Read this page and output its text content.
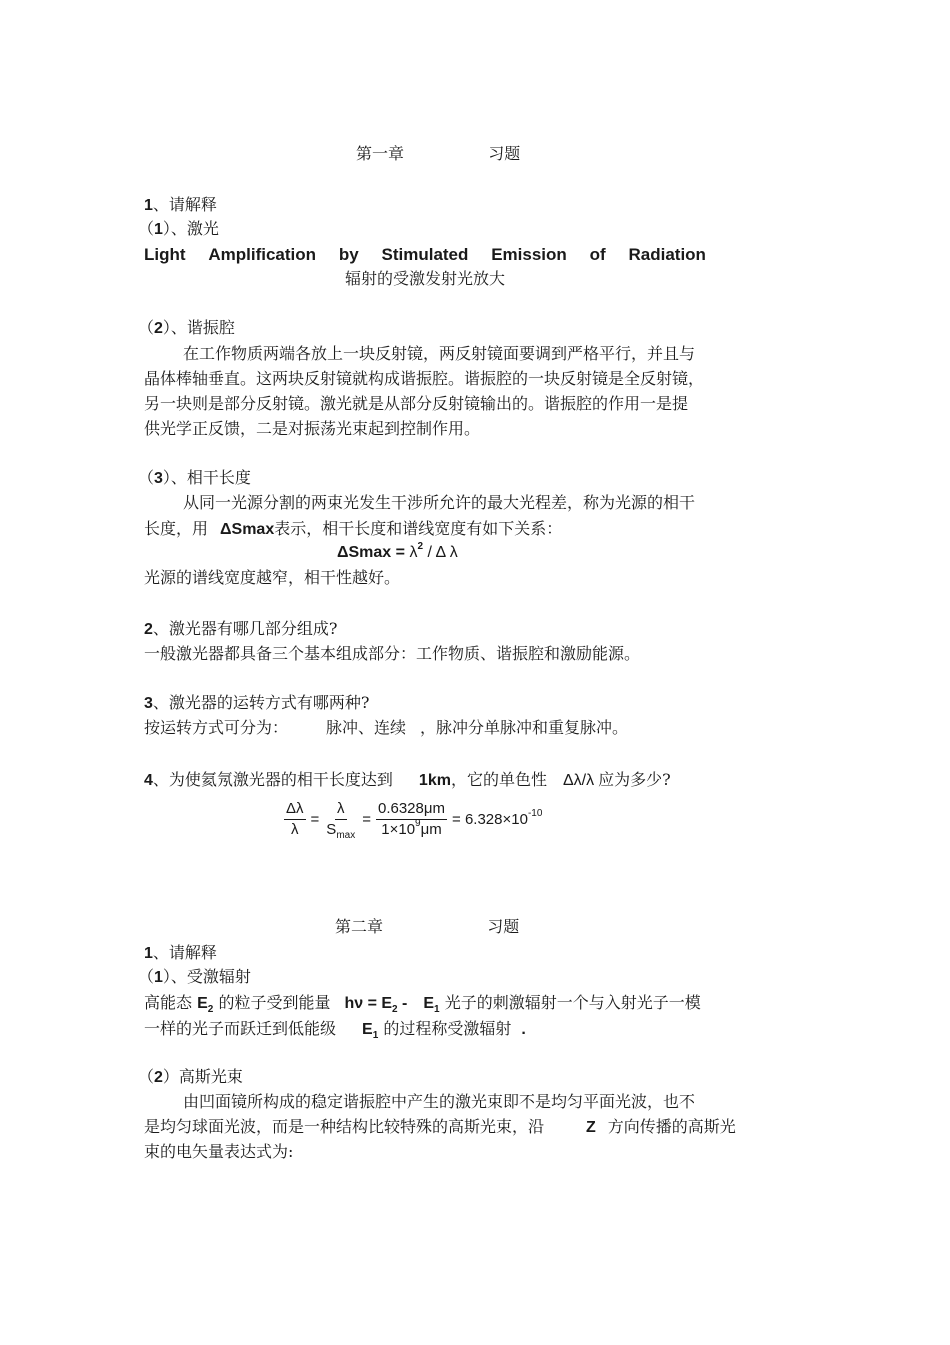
第一章	习题
1、请解释
（1）、激光
Light Amplification by Stimulated Emission of Radiation
辐射的受激发射光放大
（2）、谐振腔
在工作物质两端各放上一块反射镜，两反射镜面要调到严格平行，并且与
晶体棒轴垂直。这两块反射镜就构成谐振腔。谐振腔的一块反射镜是全反射镜，
另一块则是部分反射镜。激光就是从部分反射镜输出的。谐振腔的作用一是提
供光学正反馈，二是对振荡光束起到控制作用。
（3）、相干长度
从同一光源分割的两束光发生干涉所允许的最大光程差，称为光源的相干
长度，用 ΔSmax表示，相干长度和谱线宽度有如下关系：
$\Delta Smax = \lambda^2 / \Delta$ λ
光源的谱线宽度越窄，相干性越好。
2、激光器有哪几部分组成?
一般激光器都具备三个基本组成部分：工作物质、谐振腔和激励能源。
3、激光器的运转方式有哪两种?
按运转方式可分为： 脉冲、连续 ，脉冲分单脉冲和重复脉冲。
4、为使氦氖激光器的相干长度达到 1km，它的单色性 Δλ/λ 应为多少?
$\frac{\Delta\lambda}{\lambda} = \frac{\lambda}{S_{max}} = \frac{0.6328\mu m}{1\times 10^9\mu m} = 6.328\times 10^{-10}$
第二章	习题
1、请解释
（1）、受激辐射
高能态 $E_2$ 的粒子受到能量 $h\nu = E_2 - E_1$ 光子的刺激辐射一个与入射光子一模
一样的光子而跃迁到低能级 $E_1$ 的过程称受激辐射 .
（2）高斯光束
由凹面镜所构成的稳定谐振腔中产生的激光束即不是均匀平面光波，也不
是均匀球面光波，而是一种结构比较特殊的高斯光束，沿	Z 方向传播的高斯光
束的电矢量表达式为:
